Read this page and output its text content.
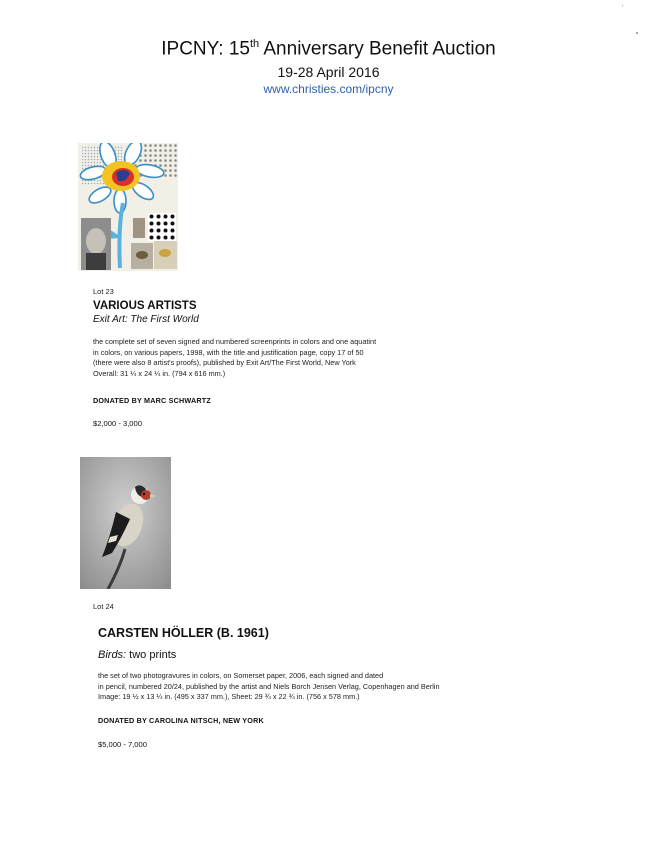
IPCNY: 15th Anniversary Benefit Auction
19-28 April 2016
www.christies.com/ipcny
Lot 23
VARIOUS ARTISTS
Exit Art: The First World
the complete set of seven signed and numbered screenprints in colors and one aquatint
in colors, on various papers, 1998, with the title and justification page, copy 17 of 50
(there were also 8 artist's proofs), published by Exit Art/The First World, New York
Overall: 31 ¼ x 24 ¼ in. (794 x 616 mm.)
DONATED BY MARC SCHWARTZ
$2,000 - 3,000
Lot 24
CARSTEN HÖLLER (B. 1961)
Birds: two prints
the set of two photogravures in colors, on Somerset paper, 2006, each signed and dated
in pencil, numbered 20/24, published by the artist and Niels Borch Jensen Verlag, Copenhagen and Berlin
Image: 19 ½ x 13 ¼ in. (495 x 337 mm.), Sheet: 29 ¾ x 22 ¾ in. (756 x 578 mm.)
DONATED BY CAROLINA NITSCH, NEW YORK
$5,000 - 7,000
